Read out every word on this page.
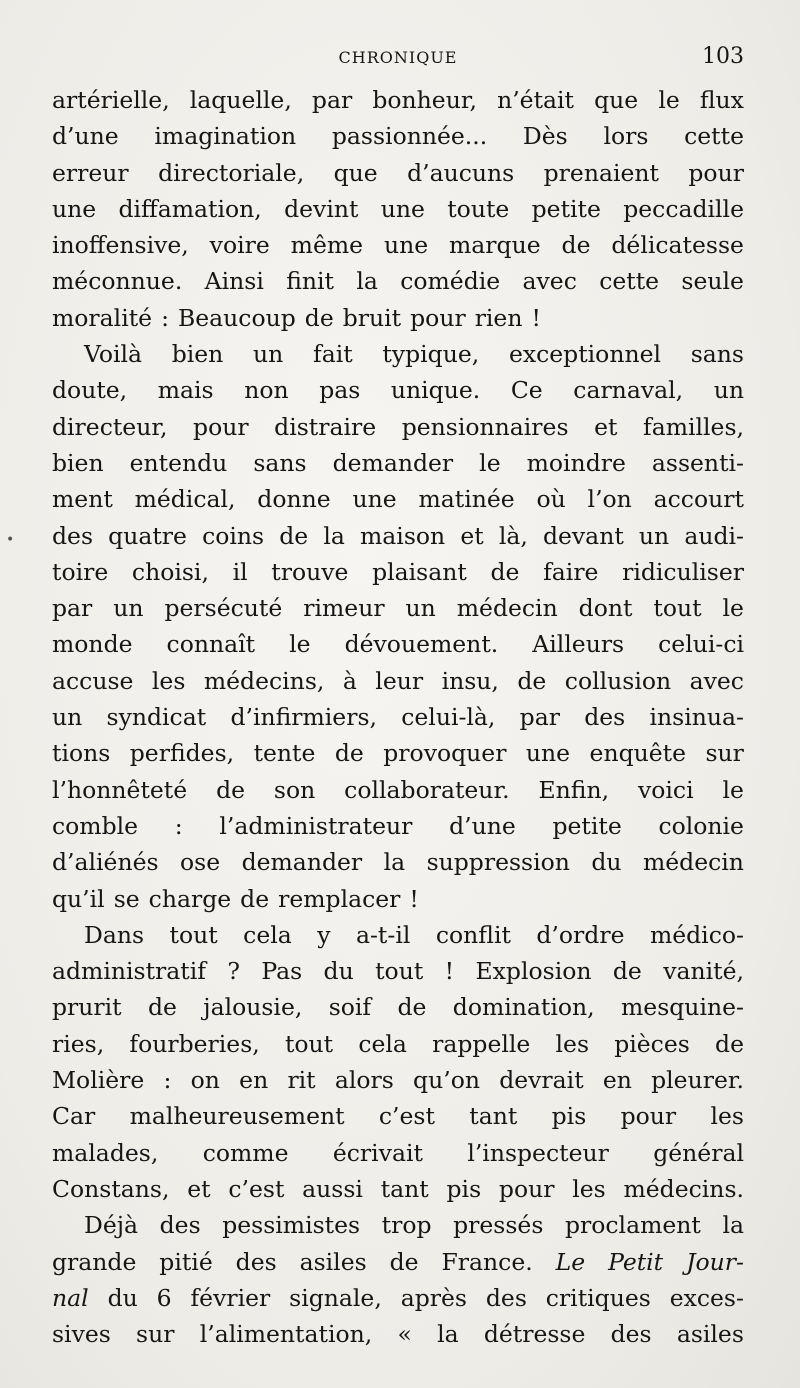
CHRONIQUE	103
artérielle, laquelle, par bonheur, n’était que le flux
d’une imagination passionnée... Dès lors cette
erreur directoriale, que d’aucuns prenaient pour
une diffamation, devint une toute petite peccadille
inoffensive, voire même une marque de délicatesse
méconnue. Ainsi finit la comédie avec cette seule
moralité : Beaucoup de bruit pour rien !
Voilà bien un fait typique, exceptionnel sans
doute, mais non pas unique. Ce carnaval, un
directeur, pour distraire pensionnaires et familles,
bien entendu sans demander le moindre assenti-
ment médical, donne une matinée où l’on accourt
des quatre coins de la maison et là, devant un audi-
toire choisi, il trouve plaisant de faire ridiculiser
par un persécuté rimeur un médecin dont tout le
monde connaît le dévouement. Ailleurs celui-ci
accuse les médecins, à leur insu, de collusion avec
un syndicat d’infirmiers, celui-là, par des insinua-
tions perfides, tente de provoquer une enquête sur
l’honnêteté de son collaborateur. Enfin, voici le
comble : l’administrateur d’une petite colonie
d’aliénés ose demander la suppression du médecin
qu’il se charge de remplacer !
Dans tout cela y a-t-il conflit d’ordre médico-
administratif ? Pas du tout ! Explosion de vanité,
prurit de jalousie, soif de domination, mesquine-
ries, fourberies, tout cela rappelle les pièces de
Molière : on en rit alors qu’on devrait en pleurer.
Car malheureusement c’est tant pis pour les
malades, comme écrivait l’inspecteur général
Constans, et c’est aussi tant pis pour les médecins.
Déjà des pessimistes trop pressés proclament la
grande pitié des asiles de France. Le Petit Jour-
nal du 6 février signale, après des critiques exces-
sives sur l’alimentation, « la détresse des asiles
•
